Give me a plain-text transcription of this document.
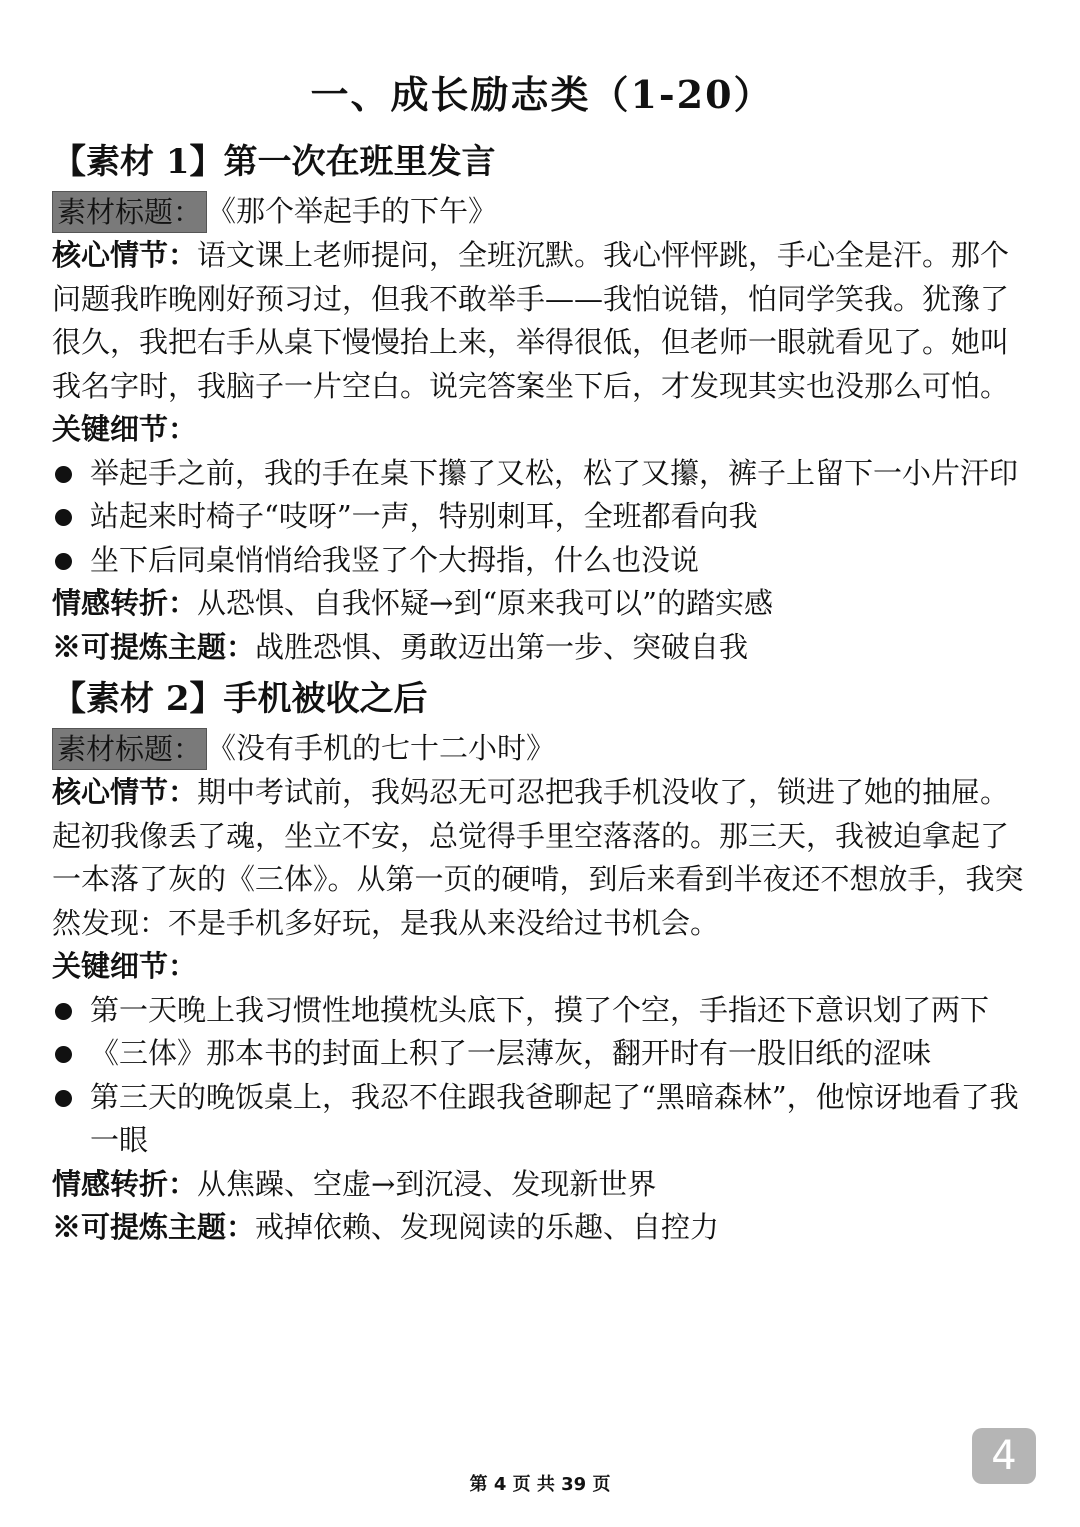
一、成长励志类（1-20）
【素材 1】第一次在班里发言
素材标题： 《那个举起手的下午》
核心情节：语文课上老师提问，全班沉默。我心怦怦跳，手心全是汗。那个问题我昨晚刚好预习过，但我不敢举手——我怕说错，怕同学笑我。犹豫了很久，我把右手从桌下慢慢抬上来，举得很低，但老师一眼就看见了。她叫我名字时，我脑子一片空白。说完答案坐下后，才发现其实也没那么可怕。
关键细节：
举起手之前，我的手在桌下攥了又松，松了又攥，裤子上留下一小片汗印
站起来时椅子“吱呀”一声，特别刺耳，全班都看向我
坐下后同桌悄悄给我竖了个大拇指，什么也没说
情感转折：从恐惧、自我怀疑→到“原来我可以”的踏实感
※可提炼主题：战胜恐惧、勇敢迈出第一步、突破自我
【素材 2】手机被收之后
素材标题： 《没有手机的七十二小时》
核心情节：期中考试前，我妈忍无可忍把我手机没收了，锁进了她的抽屉。起初我像丢了魂，坐立不安，总觉得手里空落落的。那三天，我被迫拿起了一本落了灰的《三体》。从第一页的硬啃，到后来看到半夜还不想放手，我突然发现：不是手机多好玩，是我从来没给过书机会。
关键细节：
第一天晚上我习惯性地摸枕头底下，摸了个空，手指还下意识划了两下
《三体》那本书的封面上积了一层薄灰，翻开时有一股旧纸的涩味
第三天的晚饭桌上，我忍不住跟我爸聊起了“黑暗森林”，他惊讶地看了我一眼
情感转折：从焦躁、空虚→到沉浸、发现新世界
※可提炼主题：戒掉依赖、发现阅读的乐趣、自控力
4
第 4 页 共 39 页
